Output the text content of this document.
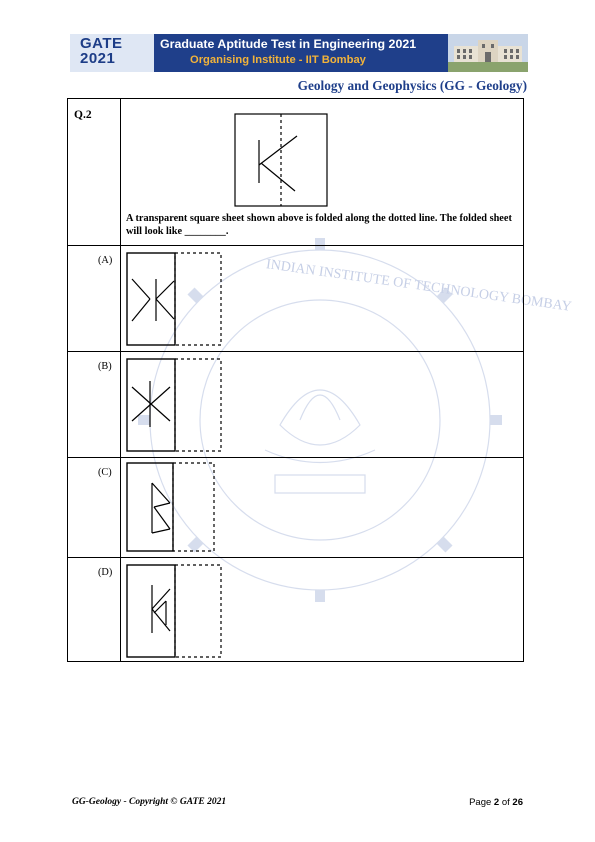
GATE
2021
Graduate Aptitude Test in Engineering 2021
Organising Institute - IIT Bombay
Geology and Geophysics (GG - Geology)
INDIAN INSTITUTE OF TECHNOLOGY BOMBAY
Q.2
A transparent square sheet shown above is folded along the dotted line. The folded sheet will look like ________.
(A)
(B)
(C)
(D)
GG-Geology - Copyright © GATE 2021	Page 2 of 26
